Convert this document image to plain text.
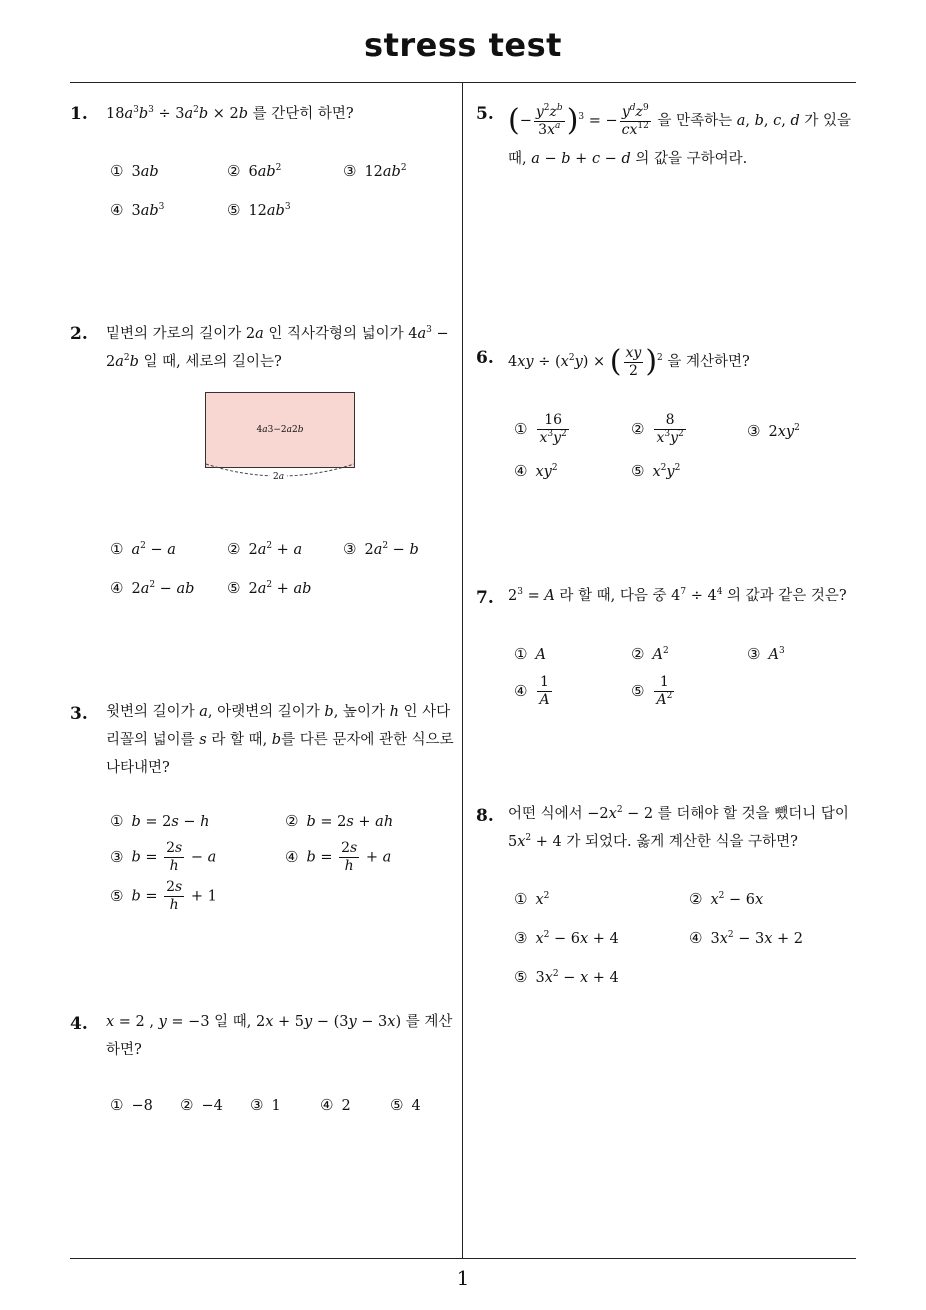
stress test
1
1. $18a^3b^3 \div 3a^2b \times 2b$ 를 간단히 하면?
① 3ab	② $6ab^2$	③ $12ab^2$
④ $3ab^3$	⑤ $12ab^3$
2. 밑변의 가로의 길이가 2a 인 직사각형의 넓이가 $4a^3 - 2a^2b$ 일 때, 세로의 길이는?
4 a 3 −2 a 2 b
2a
① $a^2 - a$	② $2a^2 + a$	③ $2a^2 - b$
④ $2a^2$ − ab ⑤ $2a^2$ + ab
3. 윗변의 길이가 a, 아랫변의 길이가 b, 높이가 h 인 사다리꼴의 넓이를 s 라 할 때, b를 다른 문자에 관한 식으로 나타내면?
① b = 2s − h	② b = 2s + ah
③ $b = \frac{2s}{h} - a$	④ $b = \frac{2s}{h} + a$
⑤ $b = \frac{2s}{h} + 1$
4. x = 2 , y = −3 일 때, 2x + 5y − (3y − 3x) 를 계산하면?
① −8 ② −4 ③ 1	④ 2	⑤ 4
5. (− $\frac{y^2z^b}{3x^a} )^3$ = − $\frac{y^dz^9}{cx^{12}}$ 을 만족하는 a, b, c, d 가 있을 때, a − b + c − d 의 값을 구하여라.
6. $4xy \div (x^2y)$ × ( $\frac{xy}{2} )^2$ 을 계산하면?
① $\frac{16}{x^3y^2}$	② $\frac{8}{x^3y^2}$	③ $2xy^2$
④ $xy^2$	⑤ $x^2y^2$
7. $2^3 = A$ 라 할 때, 다음 중 $4^7 \div 4^4$ 의 값과 같은 것은?
① A	② $A^2$	③ $A^3$
④ $\frac{1}{A}$	⑤ $\frac{1}{A^2}$
8. 어떤 식에서 $-2x^2 - 2$ 를 더해야 할 것을 뺐더니 답이 $5x^2 + 4$ 가 되었다. 옳게 계산한 식을 구하면?
① $x^2$	② $x^2 - 6x$
③ $x^2 - 6x + 4$	④ $3x^2 - 3x + 2$
⑤ $3x^2 - x + 4$
